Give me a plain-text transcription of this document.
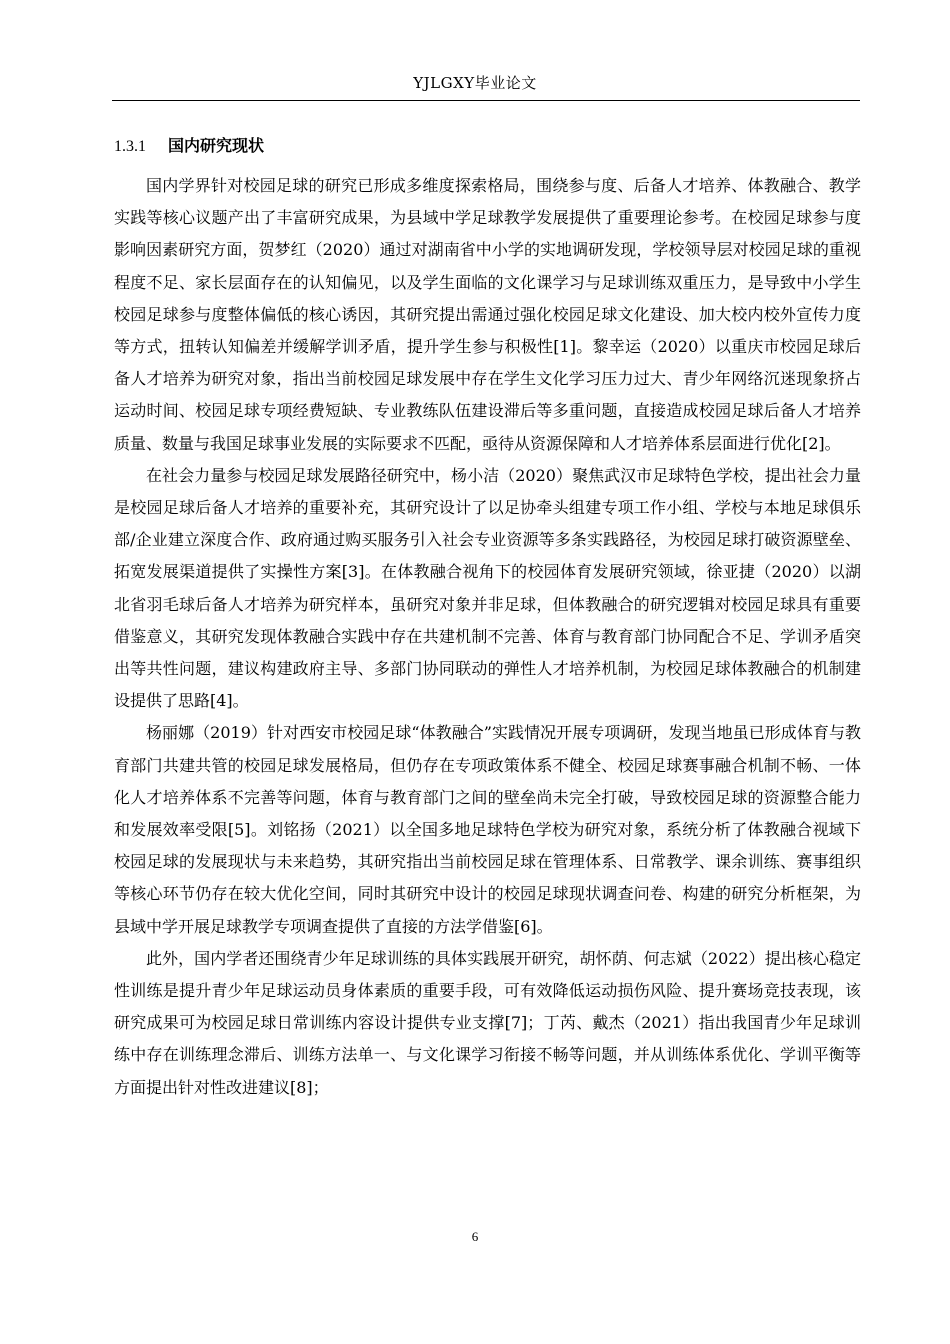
YJLGXY毕业论文
1.3.1 国内研究现状

国内学界针对校园足球的研究已形成多维度探索格局，围绕参与度、后备人才培养、体教融合、教学实践等核心议题产出了丰富研究成果，为县域中学足球教学发展提供了重要理论参考。在校园足球参与度影响因素研究方面，贺梦红（2020）通过对湖南省中小学的实地调研发现，学校领导层对校园足球的重视程度不足、家长层面存在的认知偏见，以及学生面临的文化课学习与足球训练双重压力，是导致中小学生校园足球参与度整体偏低的核心诱因，其研究提出需通过强化校园足球文化建设、加大校内校外宣传力度等方式，扭转认知偏差并缓解学训矛盾，提升学生参与积极性[1]。黎幸运（2020）以重庆市校园足球后备人才培养为研究对象，指出当前校园足球发展中存在学生文化学习压力过大、青少年网络沉迷现象挤占运动时间、校园足球专项经费短缺、专业教练队伍建设滞后等多重问题，直接造成校园足球后备人才培养质量、数量与我国足球事业发展的实际要求不匹配，亟待从资源保障和人才培养体系层面进行优化[2]。

在社会力量参与校园足球发展路径研究中，杨小洁（2020）聚焦武汉市足球特色学校，提出社会力量是校园足球后备人才培养的重要补充，其研究设计了以足协牵头组建专项工作小组、学校与本地足球俱乐部/企业建立深度合作、政府通过购买服务引入社会专业资源等多条实践路径，为校园足球打破资源壁垒、拓宽发展渠道提供了实操性方案[3]。在体教融合视角下的校园体育发展研究领域，徐亚捷（2020）以湖北省羽毛球后备人才培养为研究样本，虽研究对象并非足球，但体教融合的研究逻辑对校园足球具有重要借鉴意义，其研究发现体教融合实践中存在共建机制不完善、体育与教育部门协同配合不足、学训矛盾突出等共性问题，建议构建政府主导、多部门协同联动的弹性人才培养机制，为校园足球体教融合的机制建设提供了思路[4]。

杨丽娜（2019）针对西安市校园足球“体教融合”实践情况开展专项调研，发现当地虽已形成体育与教育部门共建共管的校园足球发展格局，但仍存在专项政策体系不健全、校园足球赛事融合机制不畅、一体化人才培养体系不完善等问题，体育与教育部门之间的壁垒尚未完全打破，导致校园足球的资源整合能力和发展效率受限[5]。刘铭扬（2021）以全国多地足球特色学校为研究对象，系统分析了体教融合视域下校园足球的发展现状与未来趋势，其研究指出当前校园足球在管理体系、日常教学、课余训练、赛事组织等核心环节仍存在较大优化空间，同时其研究中设计的校园足球现状调查问卷、构建的研究分析框架，为县域中学开展足球教学专项调查提供了直接的方法学借鉴[6]。

此外，国内学者还围绕青少年足球训练的具体实践展开研究，胡怀荫、何志斌（2022）提出核心稳定性训练是提升青少年足球运动员身体素质的重要手段，可有效降低运动损伤风险、提升赛场竞技表现，该研究成果可为校园足球日常训练内容设计提供专业支撑[7]；丁芮、戴杰（2021）指出我国青少年足球训练中存在训练理念滞后、训练方法单一、与文化课学习衔接不畅等问题，并从训练体系优化、学训平衡等方面提出针对性改进建议[8]；

6
